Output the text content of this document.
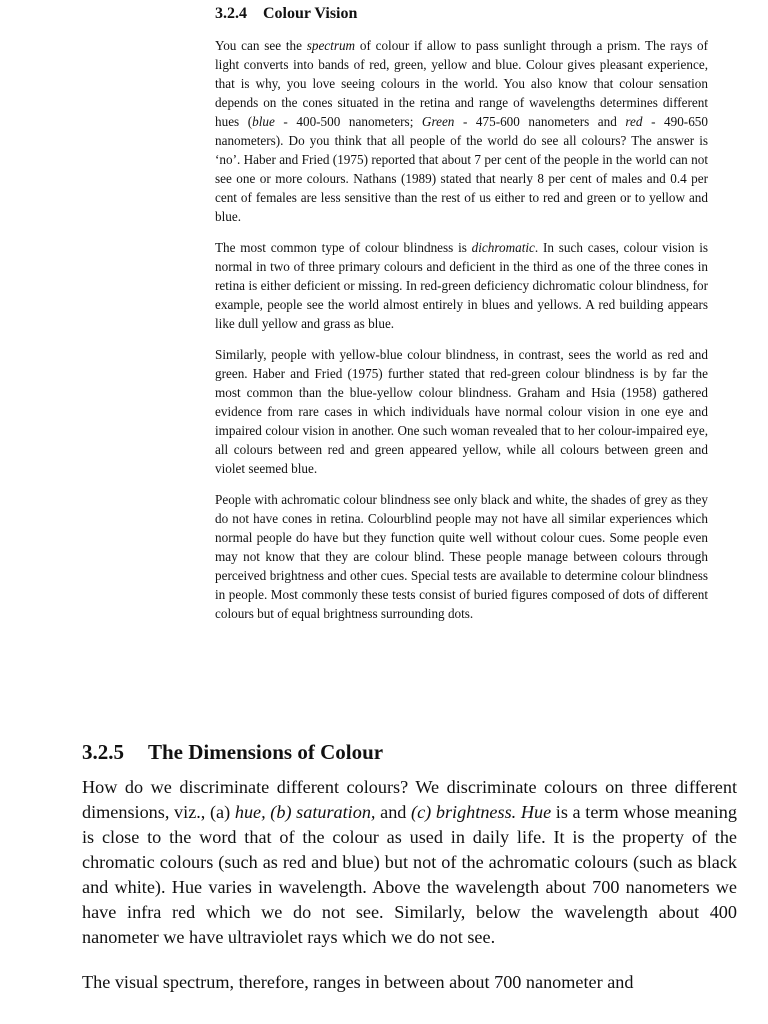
3.2.4 Colour Vision

You can see the spectrum of colour if allow to pass sunlight through a prism. The rays of light converts into bands of red, green, yellow and blue. Colour gives pleasant experience, that is why, you love seeing colours in the world. You also know that colour sensation depends on the cones situated in the retina and range of wavelengths determines different hues (blue - 400-500 nanometers; Green - 475-600 nanometers and red - 490-650 nanometers). Do you think that all people of the world do see all colours? The answer is ‘no’. Haber and Fried (1975) reported that about 7 per cent of the people in the world can not see one or more colours. Nathans (1989) stated that nearly 8 per cent of males and 0.4 per cent of females are less sensitive than the rest of us either to red and green or to yellow and blue.

The most common type of colour blindness is dichromatic. In such cases, colour vision is normal in two of three primary colours and deficient in the third as one of the three cones in retina is either deficient or missing. In red-green deficiency dichromatic colour blindness, for example, people see the world almost entirely in blues and yellows. A red building appears like dull yellow and grass as blue.

Similarly, people with yellow-blue colour blindness, in contrast, sees the world as red and green. Haber and Fried (1975) further stated that red-green colour blindness is by far the most common than the blue-yellow colour blindness. Graham and Hsia (1958) gathered evidence from rare cases in which individuals have normal colour vision in one eye and impaired colour vision in another. One such woman revealed that to her colour-impaired eye, all colours between red and green appeared yellow, while all colours between green and violet seemed blue.

People with achromatic colour blindness see only black and white, the shades of grey as they do not have cones in retina. Colourblind people may not have all similar experiences which normal people do have but they function quite well without colour cues. Some people even may not know that they are colour blind. These people manage between colours through perceived brightness and other cues. Special tests are available to determine colour blindness in people. Most commonly these tests consist of buried figures composed of dots of different colours but of equal brightness surrounding dots.

3.2.5 The Dimensions of Colour

How do we discriminate different colours? We discriminate colours on three different dimensions, viz., (a) hue, (b) saturation, and (c) brightness. Hue is a term whose meaning is close to the word that of the colour as used in daily life. It is the property of the chromatic colours (such as red and blue) but not of the achromatic colours (such as black and white). Hue varies in wavelength. Above the wavelength about 700 nanometers we have infra red which we do not see. Similarly, below the wavelength about 400 nanometer we have ultraviolet rays which we do not see.

The visual spectrum, therefore, ranges in between about 700 nanometer and
